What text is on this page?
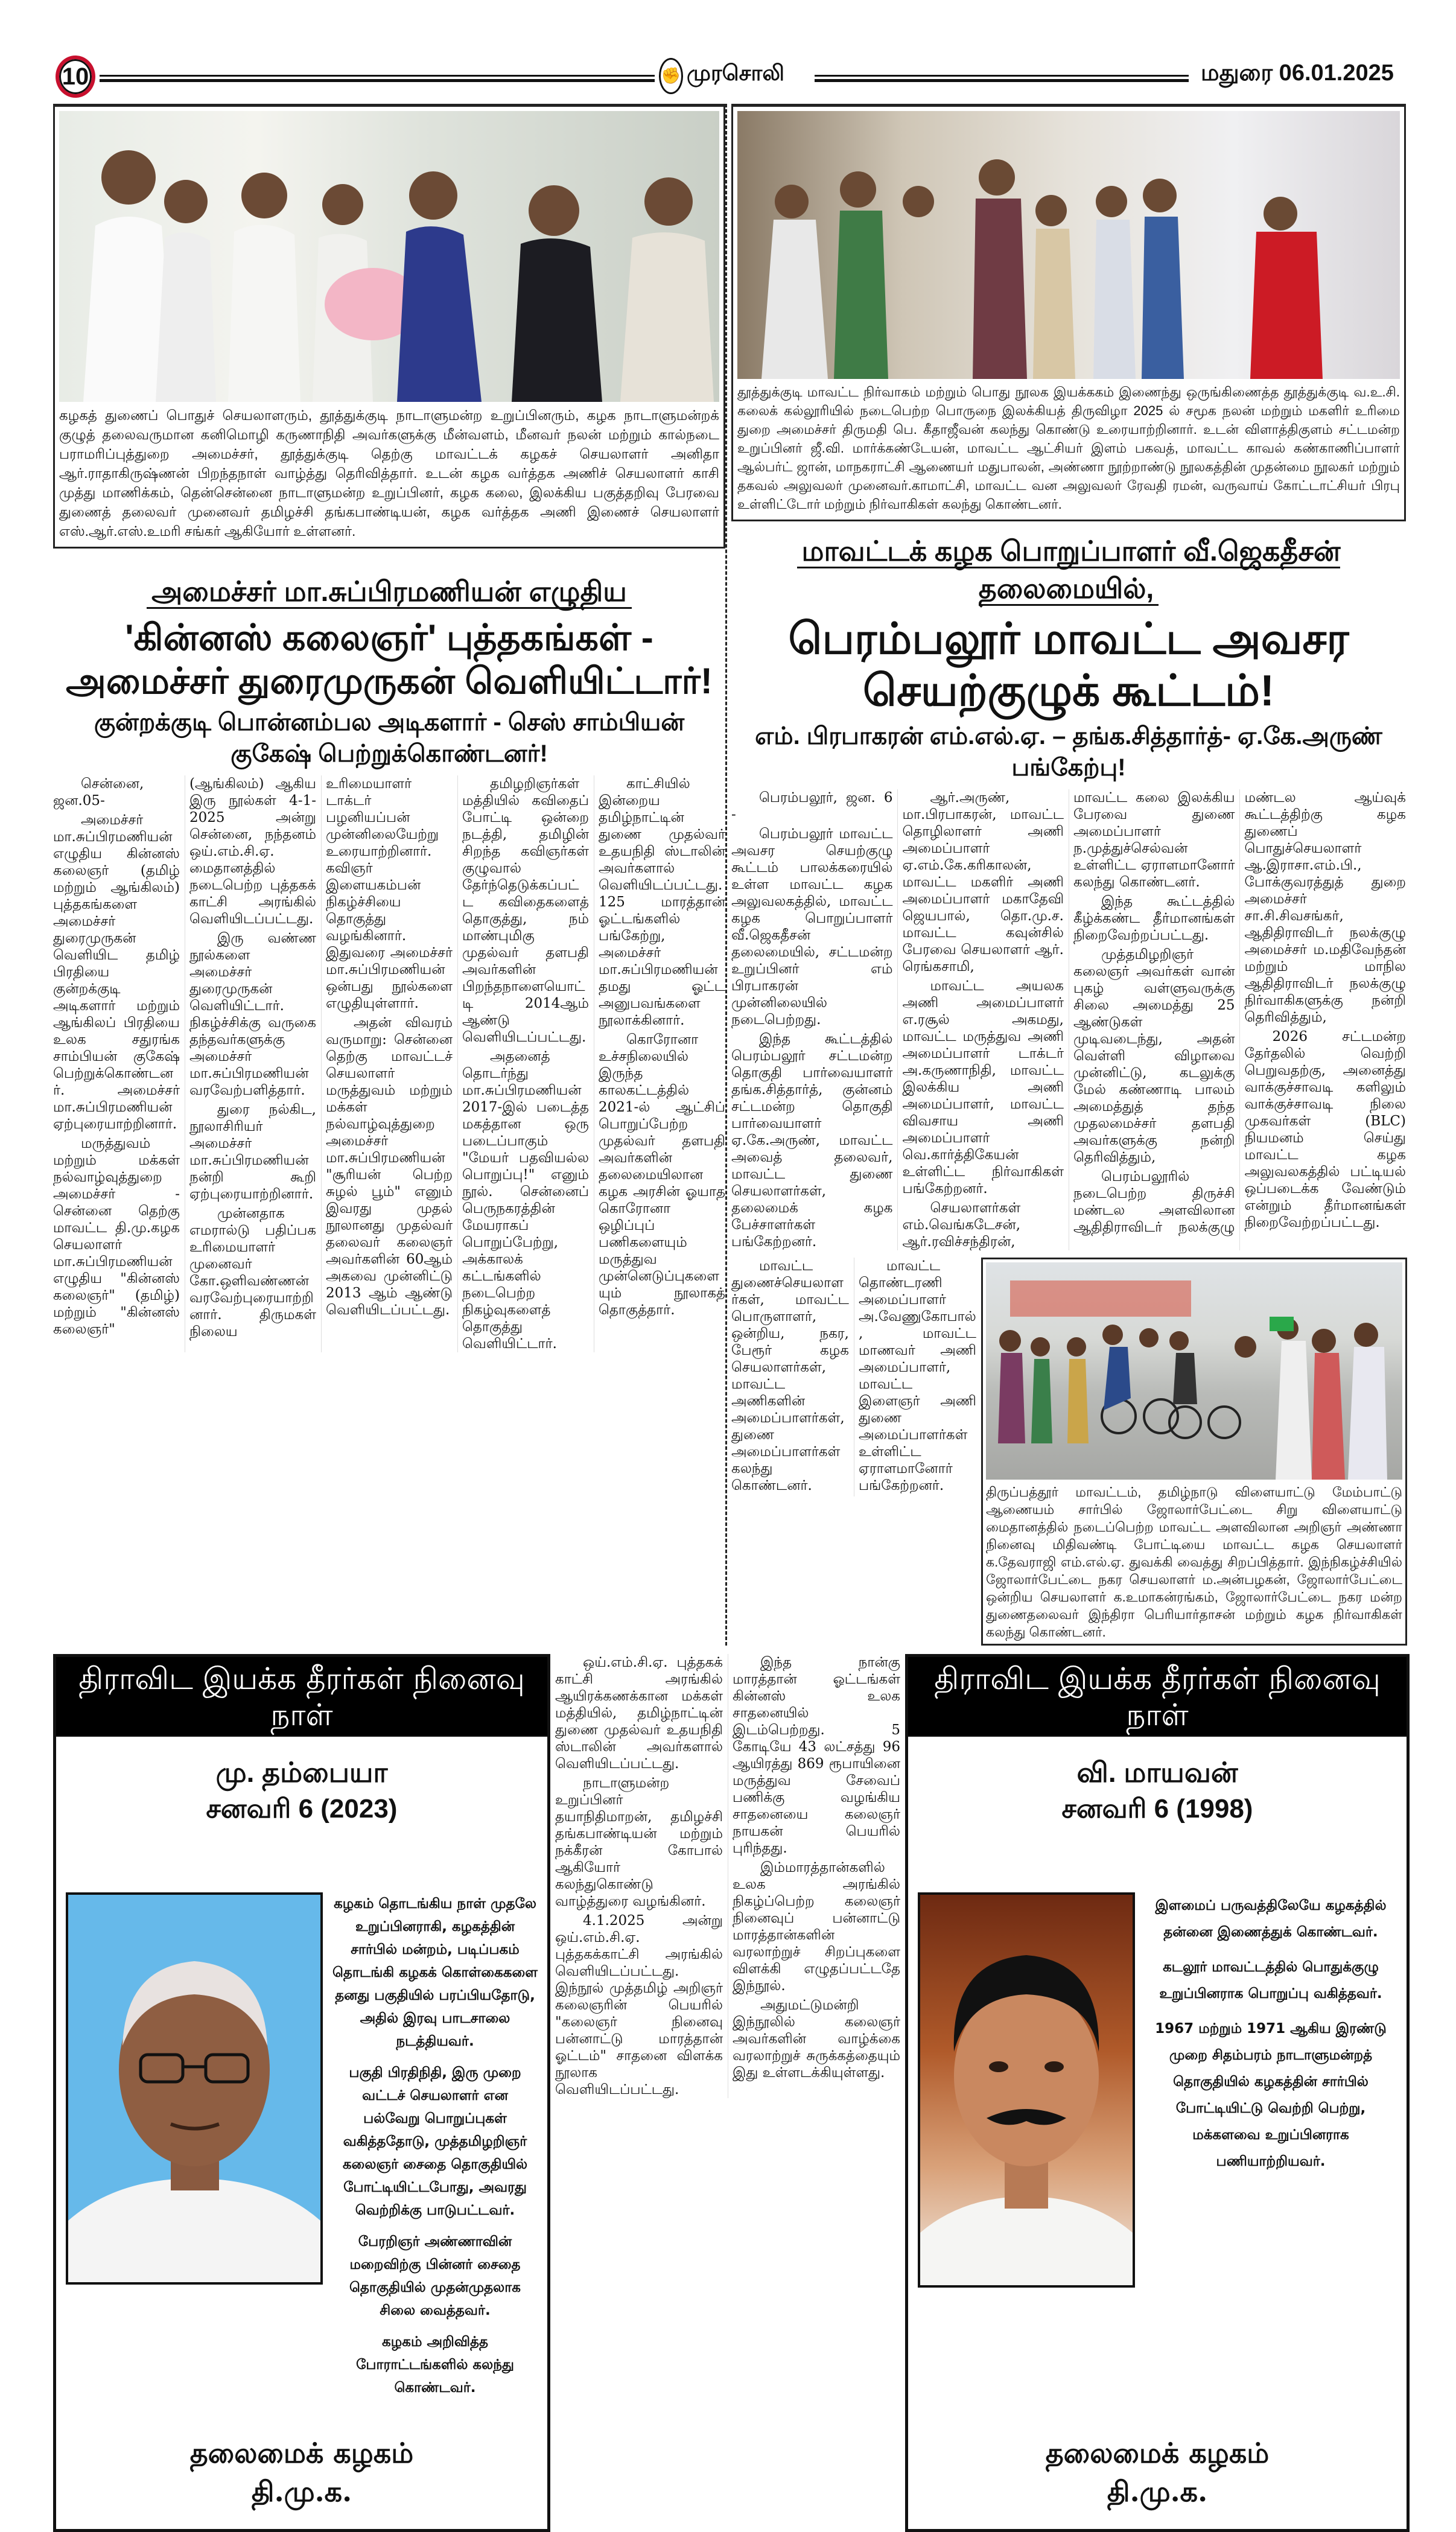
10	✊ முரசொலி	மதுரை 06.01.2025
கழகத் துணைப் பொதுச் செயலாளரும், தூத்துக்குடி நாடாளுமன்ற உறுப்பினரும், கழக நாடாளுமன்றக் குழுத் தலைவருமான கனிமொழி கருணாநிதி அவர்களுக்கு மீன்வளம், மீனவர் நலன் மற்றும் கால்நடை பராமரிப்புத்துறை அமைச்சர், தூத்துக்குடி தெற்கு மாவட்டக் கழகச் செயலாளர் அனிதா ஆர்.ராதாகிருஷ்ணன் பிறந்தநாள் வாழ்த்து தெரிவித்தார். உடன் கழக வர்த்தக அணிச் செயலாளர் காசி முத்து மாணிக்கம், தென்சென்னை நாடாளுமன்ற உறுப்பினர், கழக கலை, இலக்கிய பகுத்தறிவு பேரவை துணைத் தலைவர் முனைவர் தமிழச்சி தங்கபாண்டியன், கழக வர்த்தக அணி இணைச் செயலாளர் எஸ்.ஆர்.எஸ்.உமரி சங்கர் ஆகியோர் உள்ளனர்.
அமைச்சர் மா.சுப்பிரமணியன் எழுதிய
'கின்னஸ் கலைஞர்' புத்தகங்கள் - அமைச்சர் துரைமுருகன் வெளியிட்டார்!
குன்றக்குடி பொன்னம்பல அடிகளார் - செஸ் சாம்பியன் குகேஷ் பெற்றுக்கொண்டனர்!

சென்னை, ஜன.05-

அமைச்சர் மா.சுப்பிரமணியன் எழுதிய கின்னஸ் கலைஞர் (தமிழ் மற்றும் ஆங்கிலம்) புத்தகங்களை அமைச்சர் துரைமுருகன் வெளியிட தமிழ் பிரதியை குன்றக்குடி அடிகளார் மற்றும் ஆங்கிலப் பிரதியை உலக சதுரங்க சாம்பியன் குகேஷ் பெற்றுக்கொண்டனர். அமைச்சர் மா.சுப்பிரமணியன் ஏற்புரையாற்றினார்.

மருத்துவம் மற்றும் மக்கள் நல்வாழ்வுத்துறை அமைச்சர் - சென்னை தெற்கு மாவட்ட தி.மு.கழக செயலாளர் மா.சுப்பிரமணியன் எழுதிய "கின்னஸ் கலைஞர்" (தமிழ்) மற்றும் "கின்னஸ் கலைஞர்" (ஆங்கிலம்) ஆகிய இரு நூல்கள் 4-1-2025 அன்று சென்னை, நந்தனம் ஒய்.எம்.சி.ஏ. மைதானத்தில் நடைபெற்ற புத்தகக் காட்சி அரங்கில் வெளியிடப்பட்டது.

இரு வண்ண நூல்களை அமைச்சர் துரைமுருகன் வெளியிட்டார். நிகழ்ச்சிக்கு வருகை தந்தவர்களுக்கு அமைச்சர் மா.சுப்பிரமணியன் வரவேற்பளித்தார்.

துரை நல்கிட, நூலாசிரியர் அமைச்சர் மா.சுப்பிரமணியன் நன்றி கூறி ஏற்புரையாற்றினார்.

முன்னதாக எமரால்டு பதிப்பக உரிமையாளர் முனைவர் கோ.ஒளிவண்ணன் வரவேற்புரையாற்றினார். திருமகள் நிலைய உரிமையாளர் டாக்டர் பழனியப்பன் முன்னிலையேற்று உரையாற்றினார். கவிஞர் இளையகம்பன் நிகழ்ச்சியை தொகுத்து வழங்கினார். இதுவரை அமைச்சர் மா.சுப்பிரமணியன் ஒன்பது நூல்களை எழுதியுள்ளார்.

அதன் விவரம் வருமாறு: சென்னை தெற்கு மாவட்டச் செயலாளர் மருத்துவம் மற்றும் மக்கள் நல்வாழ்வுத்துறை அமைச்சர் மா.சுப்பிரமணியன் "சூரியன் பெற்ற சுழல் பூம்" எனும் இவரது முதல் நூலானது முதல்வர் தலைவர் கலைஞர் அவர்களின் 60ஆம் அகவை முன்னிட்டு 2013 ஆம் ஆண்டு வெளியிடப்பட்டது.

தமிழறிஞர்கள் மத்தியில் கவிதைப் போட்டி ஒன்றை நடத்தி, தமிழின் சிறந்த கவிஞர்கள் குழுவால் தேர்ந்தெடுக்கப்பட்ட கவிதைகளைத் தொகுத்து, நம் மாண்புமிகு முதல்வர் தளபதி அவர்களின் பிறந்தநாளையொட்டி 2014ஆம் ஆண்டு வெளியிடப்பட்டது.

அதனைத் தொடர்ந்து மா.சுப்பிரமணியன் 2017-இல் படைத்த மகத்தான ஒரு படைப்பாகும் "மேயர் பதவியல்ல பொறுப்பு!" எனும் நூல். சென்னைப் பெருநகரத்தின் மேயராகப் பொறுப்பேற்று, அக்காலக் கட்டங்களில் நடைபெற்ற நிகழ்வுகளைத் தொகுத்து வெளியிட்டார்.

காட்சியில் இன்றைய தமிழ்நாட்டின் துணை முதல்வர் உதயநிதி ஸ்டாலின் அவர்களால் வெளியிடப்பட்டது. 125 மாரத்தான் ஓட்டங்களில் பங்கேற்று, அமைச்சர் மா.சுப்பிரமணியன் தமது ஓட்ட அனுபவங்களை நூலாக்கினார்.

கொரோனா உச்சநிலையில் இருந்த காலகட்டத்தில் 2021-ல் ஆட்சிப் பொறுப்பேற்ற முதல்வர் தளபதி அவர்களின் தலைமையிலான கழக அரசின் ஓயாத கொரோனா ஒழிப்புப் பணிகளையும் மருத்துவ முன்னெடுப்புகளையும் நூலாகத் தொகுத்தார்.

தூத்துக்குடி மாவட்ட நிர்வாகம் மற்றும் பொது நூலக இயக்ககம் இணைந்து ஒருங்கிணைத்த தூத்துக்குடி வ.உ.சி. கலைக் கல்லூரியில் நடைபெற்ற பொருநை இலக்கியத் திருவிழா 2025 ல் சமூக நலன் மற்றும் மகளிர் உரிமை துறை அமைச்சர் திருமதி பெ. கீதாஜீவன் கலந்து கொண்டு உரையாற்றினார். உடன் விளாத்திகுளம் சட்டமன்ற உறுப்பினர் ஜீ.வி. மார்க்கண்டேயன், மாவட்ட ஆட்சியர் இளம் பகவத், மாவட்ட காவல் கண்காணிப்பாளர் ஆல்பர்ட் ஜான், மாநகராட்சி ஆணையர் மதுபாலன், அண்ணா நூற்றாண்டு நூலகத்தின் முதன்மை நூலகர் மற்றும் தகவல் அலுவலர் முனைவர்.காமாட்சி, மாவட்ட வன அலுவலர் ரேவதி ரமன், வருவாய் கோட்டாட்சியர் பிரபு உள்ளிட்டோர் மற்றும் நிர்வாகிகள் கலந்து கொண்டனர்.
மாவட்டக் கழக பொறுப்பாளர் வீ.ஜெகதீசன் தலைமையில்,
பெரம்பலூர் மாவட்ட அவசர செயற்குழுக் கூட்டம்!
எம். பிரபாகரன் எம்.எல்.ஏ. – தங்க.சித்தார்த்- ஏ.கே.அருண் பங்கேற்பு!

பெரம்பலூர், ஜன. 6 -

பெரம்பலூர் மாவட்ட அவசர செயற்குழு கூட்டம் பாலக்கரையில் உள்ள மாவட்ட கழக அலுவலகத்தில், மாவட்ட கழக பொறுப்பாளர் வீ.ஜெகதீசன் தலைமையில், சட்டமன்ற உறுப்பினர் எம் பிரபாகரன் முன்னிலையில் நடைபெற்றது.

இந்த கூட்டத்தில் பெரம்பலூர் சட்டமன்ற தொகுதி பார்வையாளர் தங்க.சித்தார்த், குன்னம் சட்டமன்ற தொகுதி பார்வையாளர் ஏ.கே.அருண், மாவட்ட அவைத் தலைவர், மாவட்ட துணை செயலாளர்கள், தலைமைக் கழக பேச்சாளர்கள் பங்கேற்றனர்.

ஆர்.அருண், மா.பிரபாகரன், மாவட்ட தொழிலாளர் அணி அமைப்பாளர் ஏ.எம்.கே.கரிகாலன், மாவட்ட மகளிர் அணி அமைப்பாளர் மகாதேவி ஜெயபால், தொ.மு.ச. மாவட்ட கவுன்சில் பேரவை செயலாளர் ஆர். ரெங்கசாமி,

மாவட்ட அயலக அணி அமைப்பாளர் எ.ரசூல் அகமது, மாவட்ட மருத்துவ அணி அமைப்பாளர் டாக்டர் அ.கருணாநிதி, மாவட்ட இலக்கிய அணி அமைப்பாளர், மாவட்ட விவசாய அணி அமைப்பாளர் வெ.கார்த்திகேயன் உள்ளிட்ட நிர்வாகிகள் பங்கேற்றனர்.

செயலாளர்கள் எம்.வெங்கடேசன், ஆர்.ரவிச்சந்திரன், மாவட்ட கலை இலக்கிய பேரவை துணை அமைப்பாளர் ந.முத்துச்செல்வன் உள்ளிட்ட ஏராளமானோர் கலந்து கொண்டனர்.

இந்த கூட்டத்தில் கீழ்க்கண்ட தீர்மானங்கள் நிறைவேற்றப்பட்டது.

முத்தமிழறிஞர் கலைஞர் அவர்கள் வான் புகழ் வள்ளுவருக்கு சிலை அமைத்து 25 ஆண்டுகள் முடிவடைந்து, அதன் வெள்ளி விழாவை முன்னிட்டு, கடலுக்கு மேல் கண்ணாடி பாலம் அமைத்துத் தந்த முதலமைச்சர் தளபதி அவர்களுக்கு நன்றி தெரிவித்தும்,

பெரம்பலூரில் நடைபெற்ற திருச்சி மண்டல அளவிலான ஆதிதிராவிடர் நலக்குழு மண்டல ஆய்வுக் கூட்டத்திற்கு கழக துணைப் பொதுச்செயலாளர் ஆ.இராசா.எம்.பி., போக்குவரத்துத் துறை அமைச்சர் சா.சி.சிவசங்கர், ஆதிதிராவிடர் நலக்குழு அமைச்சர் ம.மதிவேந்தன் மற்றும் மாநில ஆதிதிராவிடர் நலக்குழு நிர்வாகிகளுக்கு நன்றி தெரிவித்தும்,

2026 சட்டமன்ற தேர்தலில் வெற்றி பெறுவதற்கு, அனைத்து வாக்குச்சாவடி களிலும் வாக்குச்சாவடி நிலை முகவர்கள் (BLC) நியமனம் செய்து மாவட்ட கழக அலுவலகத்தில் பட்டியல் ஒப்படைக்க வேண்டும் என்றும் தீர்மானங்கள் நிறைவேற்றப்பட்டது.

மாவட்ட துணைச்செயலாளர்கள், மாவட்ட பொருளாளர், ஒன்றிய, நகர, பேரூர் கழக செயலாளர்கள், மாவட்ட அணிகளின் அமைப்பாளர்கள், துணை அமைப்பாளர்கள் கலந்து கொண்டனர்.

மாவட்ட தொண்டரணி அமைப்பாளர் அ.வேணுகோபால், மாவட்ட மாணவர் அணி அமைப்பாளர், மாவட்ட இளைஞர் அணி துணை அமைப்பாளர்கள் உள்ளிட்ட ஏராளமானோர் பங்கேற்றனர்.	திருப்பத்தூர் மாவட்டம், தமிழ்நாடு விளையாட்டு மேம்பாட்டு ஆணையம் சார்பில் ஜோலார்பேட்டை சிறு விளையாட்டு மைதானத்தில் நடைப்பெற்ற மாவட்ட அளவிலான அறிஞர் அண்ணா நினைவு மிதிவண்டி போட்டியை மாவட்ட கழக செயலாளர் க.தேவராஜி எம்.எல்.ஏ. துவக்கி வைத்து சிறப்பித்தார். இந்நிகழ்ச்சியில் ஜோலார்பேட்டை நகர செயலாளர் ம.அன்பழகன், ஜோலார்பேட்டை ஒன்றிய செயலாளர் க.உமாகன்ரங்கம், ஜோலார்பேட்டை நகர மன்ற துணைதலைவர் இந்திரா பெரியார்தாசன் மற்றும் கழக நிர்வாகிகள் கலந்து கொண்டனர்.
திராவிட இயக்க தீரர்கள் நினைவு நாள்
மு. தம்பையா
சனவரி 6 (2023)

கழகம் தொடங்கிய நாள் முதலே உறுப்பினராகி, கழகத்தின் சார்பில் மன்றம், படிப்பகம் தொடங்கி கழகக் கொள்கைகளை தனது பகுதியில் பரப்பியதோடு, அதில் இரவு பாடசாலை நடத்தியவர்.

பகுதி பிரதிநிதி, இரு முறை வட்டச் செயலாளர் என பல்வேறு பொறுப்புகள் வகித்ததோடு, முத்தமிழறிஞர் கலைஞர் சைதை தொகுதியில் போட்டியிட்டபோது, அவரது வெற்றிக்கு பாடுபட்டவர்.

பேரறிஞர் அண்ணாவின் மறைவிற்கு பின்னர் சைதை தொகுதியில் முதன்முதலாக சிலை வைத்தவர்.

கழகம் அறிவித்த போராட்டங்களில் கலந்து கொண்டவர்.

தலைமைக் கழகம்
தி.மு.க.

ஒய்.எம்.சி.ஏ. புத்தகக் காட்சி அரங்கில் ஆயிரக்கணக்கான மக்கள் மத்தியில், தமிழ்நாட்டின் துணை முதல்வர் உதயநிதி ஸ்டாலின் அவர்களால் வெளியிடப்பட்டது.

நாடாளுமன்ற உறுப்பினர் தயாநிதிமாறன், தமிழச்சி தங்கபாண்டியன் மற்றும் நக்கீரன் கோபால் ஆகியோர் கலந்துகொண்டு வாழ்த்துரை வழங்கினர்.

4.1.2025 அன்று ஒய்.எம்.சி.ஏ. புத்தகக்காட்சி அரங்கில் வெளியிடப்பட்டது. இந்நூல் முத்தமிழ் அறிஞர் கலைஞரின் பெயரில் "கலைஞர் நினைவு பன்னாட்டு மாரத்தான் ஓட்டம்" சாதனை விளக்க நூலாக வெளியிடப்பட்டது.

இந்த நான்கு மாரத்தான் ஓட்டங்கள் கின்னஸ் உலக சாதனையில் இடம்பெற்றது. 5 கோடியே 43 லட்சத்து 96 ஆயிரத்து 869 ரூபாயினை மருத்துவ சேவைப் பணிக்கு வழங்கிய சாதனையை கலைஞர் நாயகன் பெயரில் புரிந்தது.

இம்மாரத்தான்களில் உலக அரங்கில் நிகழ்ப்பெற்ற கலைஞர் நினைவுப் பன்னாட்டு மாரத்தான்களின் வரலாற்றுச் சிறப்புகளை விளக்கி எழுதப்பட்டதே இந்நூல்.

அதுமட்டுமன்றி இந்நூலில் கலைஞர் அவர்களின் வாழ்க்கை வரலாற்றுச் சுருக்கத்தையும் இது உள்ளடக்கியுள்ளது.

திராவிட இயக்க தீரர்கள் நினைவு நாள்
வி. மாயவன்
சனவரி 6 (1998)

இளமைப் பருவத்திலேயே கழகத்தில் தன்னை இணைத்துக் கொண்டவர்.

கடலூர் மாவட்டத்தில் பொதுக்குழு உறுப்பினராக பொறுப்பு வகித்தவர்.

1967 மற்றும் 1971 ஆகிய இரண்டு முறை சிதம்பரம் நாடாளுமன்றத் தொகுதியில் கழகத்தின் சார்பில் போட்டியிட்டு வெற்றி பெற்று, மக்களவை உறுப்பினராக பணியாற்றியவர்.

தலைமைக் கழகம்
தி.மு.க.
